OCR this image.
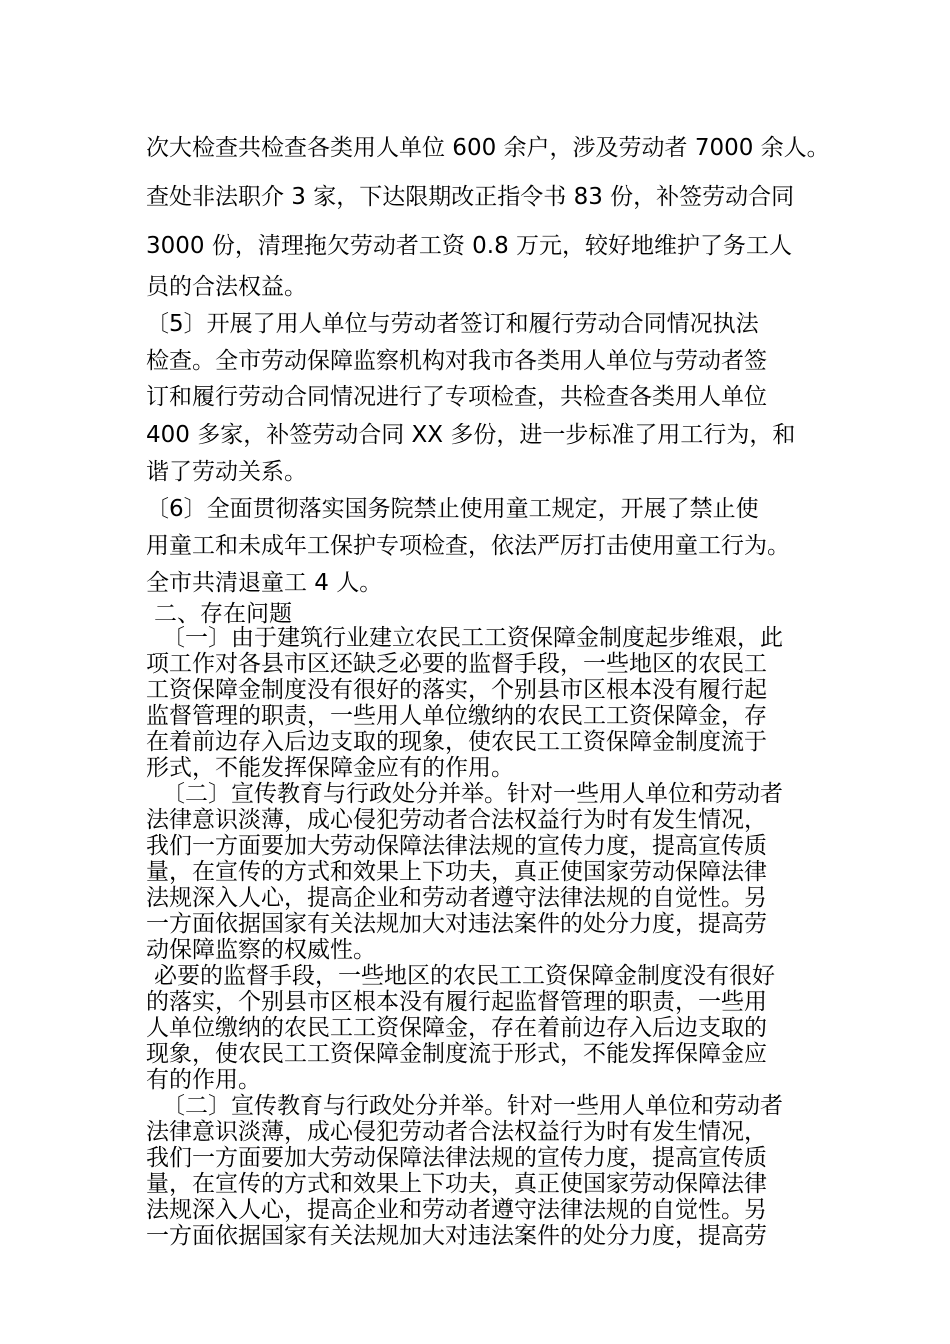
次大检查共检查各类用人单位 600 余户，涉及劳动者 7000 余人。

查处非法职介 3 家，下达限期改正指令书 83 份，补签劳动合同

3000 份，清理拖欠劳动者工资 0.8 万元，较好地维护了务工人

员的合法权益。

〔5〕开展了用人单位与劳动者签订和履行劳动合同情况执法

检查。全市劳动保障监察机构对我市各类用人单位与劳动者签

订和履行劳动合同情况进行了专项检查，共检查各类用人单位

400 多家，补签劳动合同 XX 多份，进一步标准了用工行为，和

谐了劳动关系。

〔6〕全面贯彻落实国务院禁止使用童工规定，开展了禁止使

用童工和未成年工保护专项检查，依法严厉打击使用童工行为。

全市共清退童工 4 人。

二、存在问题

〔一〕由于建筑行业建立农民工工资保障金制度起步维艰，此

项工作对各县市区还缺乏必要的监督手段，一些地区的农民工

工资保障金制度没有很好的落实，个别县市区根本没有履行起

监督管理的职责，一些用人单位缴纳的农民工工资保障金，存

在着前边存入后边支取的现象，使农民工工资保障金制度流于

形式，不能发挥保障金应有的作用。

〔二〕宣传教育与行政处分并举。针对一些用人单位和劳动者

法律意识淡薄，成心侵犯劳动者合法权益行为时有发生情况，

我们一方面要加大劳动保障法律法规的宣传力度，提高宣传质

量，在宣传的方式和效果上下功夫，真正使国家劳动保障法律

法规深入人心，提高企业和劳动者遵守法律法规的自觉性。另

一方面依据国家有关法规加大对违法案件的处分力度，提高劳

动保障监察的权威性。

必要的监督手段，一些地区的农民工工资保障金制度没有很好

的落实，个别县市区根本没有履行起监督管理的职责，一些用

人单位缴纳的农民工工资保障金，存在着前边存入后边支取的

现象，使农民工工资保障金制度流于形式，不能发挥保障金应

有的作用。

〔二〕宣传教育与行政处分并举。针对一些用人单位和劳动者

法律意识淡薄，成心侵犯劳动者合法权益行为时有发生情况，

我们一方面要加大劳动保障法律法规的宣传力度，提高宣传质

量，在宣传的方式和效果上下功夫，真正使国家劳动保障法律

法规深入人心，提高企业和劳动者遵守法律法规的自觉性。另

一方面依据国家有关法规加大对违法案件的处分力度，提高劳
